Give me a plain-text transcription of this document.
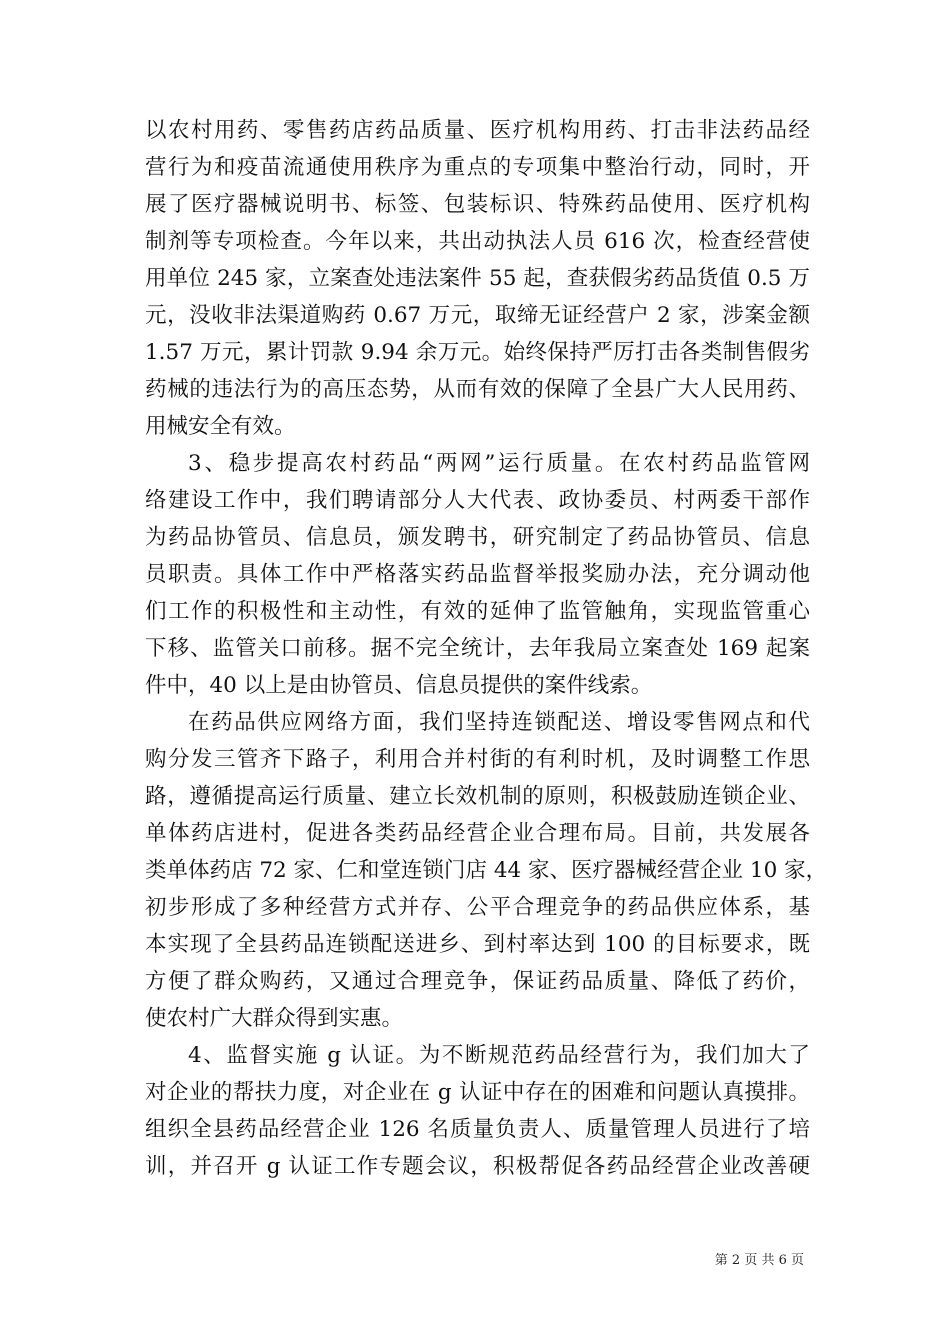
以农村用药、零售药店药品质量、医疗机构用药、打击非法药品经
营行为和疫苗流通使用秩序为重点的专项集中整治行动，同时，开
展了医疗器械说明书、标签、包装标识、特殊药品使用、医疗机构
制剂等专项检查。今年以来，共出动执法人员 616 次，检查经营使
用单位 245 家，立案查处违法案件 55 起，查获假劣药品货值 0.5 万
元，没收非法渠道购药 0.67 万元，取缔无证经营户 2 家，涉案金额
1.57 万元，累计罚款 9.94 余万元。始终保持严厉打击各类制售假劣
药械的违法行为的高压态势，从而有效的保障了全县广大人民用药、
用械安全有效。
3、稳步提高农村药品“两网”运行质量。在农村药品监管网
络建设工作中，我们聘请部分人大代表、政协委员、村两委干部作
为药品协管员、信息员，颁发聘书，研究制定了药品协管员、信息
员职责。具体工作中严格落实药品监督举报奖励办法，充分调动他
们工作的积极性和主动性，有效的延伸了监管触角，实现监管重心
下移、监管关口前移。据不完全统计，去年我局立案查处 169 起案
件中，40 以上是由协管员、信息员提供的案件线索。
在药品供应网络方面，我们坚持连锁配送、增设零售网点和代
购分发三管齐下路子，利用合并村街的有利时机，及时调整工作思
路，遵循提高运行质量、建立长效机制的原则，积极鼓励连锁企业、
单体药店进村，促进各类药品经营企业合理布局。目前，共发展各
类单体药店 72 家、仁和堂连锁门店 44 家、医疗器械经营企业 10 家，
初步形成了多种经营方式并存、公平合理竞争的药品供应体系，基
本实现了全县药品连锁配送进乡、到村率达到 100 的目标要求，既
方便了群众购药，又通过合理竞争，保证药品质量、降低了药价，
使农村广大群众得到实惠。
4、监督实施 g 认证。为不断规范药品经营行为，我们加大了
对企业的帮扶力度，对企业在 g 认证中存在的困难和问题认真摸排。
组织全县药品经营企业 126 名质量负责人、质量管理人员进行了培
训，并召开 g 认证工作专题会议，积极帮促各药品经营企业改善硬
第 2 页 共 6 页
